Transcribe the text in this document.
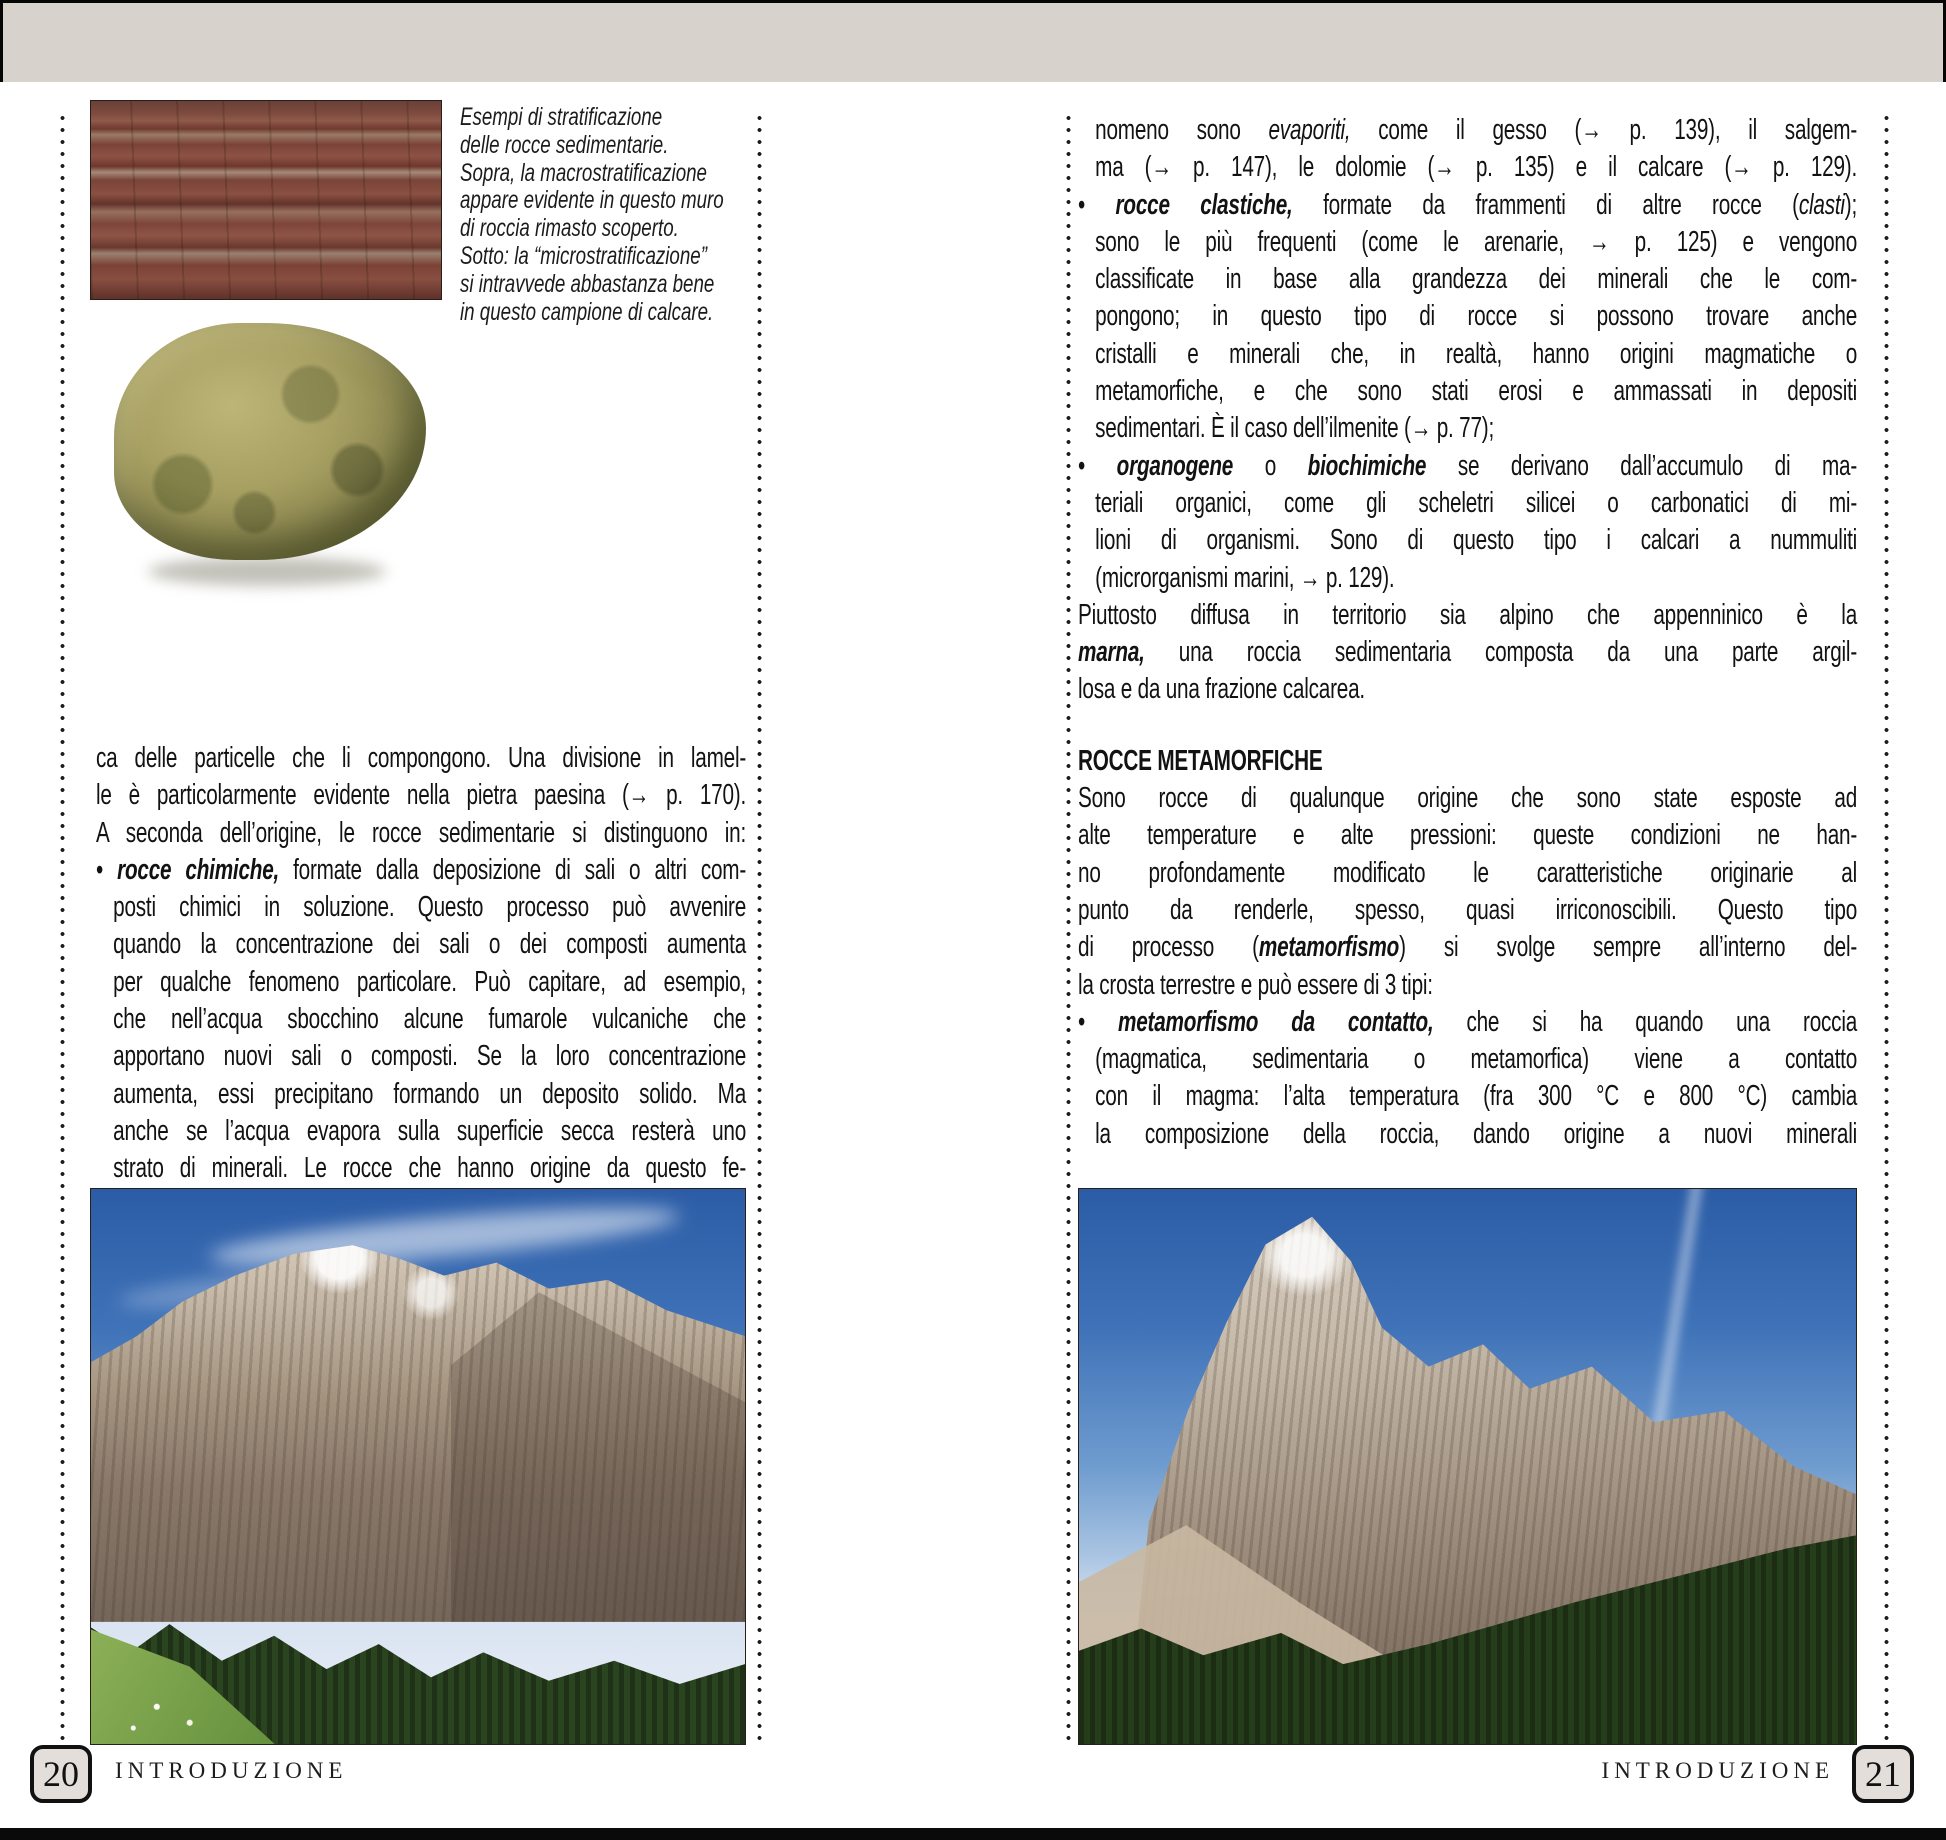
Esempi di stratificazione
delle rocce sedimentarie.
Sopra, la macrostratificazione
appare evidente in questo muro
di roccia rimasto scoperto.
Sotto: la “microstratificazione”
si intravvede abbastanza bene
in questo campione di calcare.
ca delle particelle che li compongono. Una divisione in lamel-
le è particolarmente evidente nella pietra paesina (→ p. 170).
A seconda dell’origine, le rocce sedimentarie si distinguono in:
• rocce chimiche, formate dalla deposizione di sali o altri com-
posti chimici in soluzione. Questo processo può avvenire
quando la concentrazione dei sali o dei composti aumenta
per qualche fenomeno particolare. Può capitare, ad esempio,
che nell’acqua sbocchino alcune fumarole vulcaniche che
apportano nuovi sali o composti. Se la loro concentrazione
aumenta, essi precipitano formando un deposito solido. Ma
anche se l’acqua evapora sulla superficie secca resterà uno
strato di minerali. Le rocce che hanno origine da questo fe-
nomeno sono evaporiti, come il gesso (→ p. 139), il salgem-
ma (→ p. 147), le dolomie (→ p. 135) e il calcare (→ p. 129).
• rocce clastiche, formate da frammenti di altre rocce (clasti);
sono le più frequenti (come le arenarie, → p. 125) e vengono
classificate in base alla grandezza dei minerali che le com-
pongono; in questo tipo di rocce si possono trovare anche
cristalli e minerali che, in realtà, hanno origini magmatiche o
metamorfiche, e che sono stati erosi e ammassati in depositi
sedimentari. È il caso dell’ilmenite (→ p. 77);
• organogene o biochimiche se derivano dall’accumulo di ma-
teriali organici, come gli scheletri silicei o carbonatici di mi-
lioni di organismi. Sono di questo tipo i calcari a nummuliti
(microrganismi marini, → p. 129).
Piuttosto diffusa in territorio sia alpino che appenninico è la
marna, una roccia sedimentaria composta da una parte argil-
losa e da una frazione calcarea.
ROCCE METAMORFICHE
Sono rocce di qualunque origine che sono state esposte ad
alte temperature e alte pressioni: queste condizioni ne han-
no profondamente modificato le caratteristiche originarie al
punto da renderle, spesso, quasi irriconoscibili. Questo tipo
di processo (metamorfismo) si svolge sempre all’interno del-
la crosta terrestre e può essere di 3 tipi:
• metamorfismo da contatto, che si ha quando una roccia
(magmatica, sedimentaria o metamorfica) viene a contatto
con il magma: l’alta temperatura (fra 300 °C e 800 °C) cambia
la composizione della roccia, dando origine a nuovi minerali
20	INTRODUZIONE	INTRODUZIONE 21
